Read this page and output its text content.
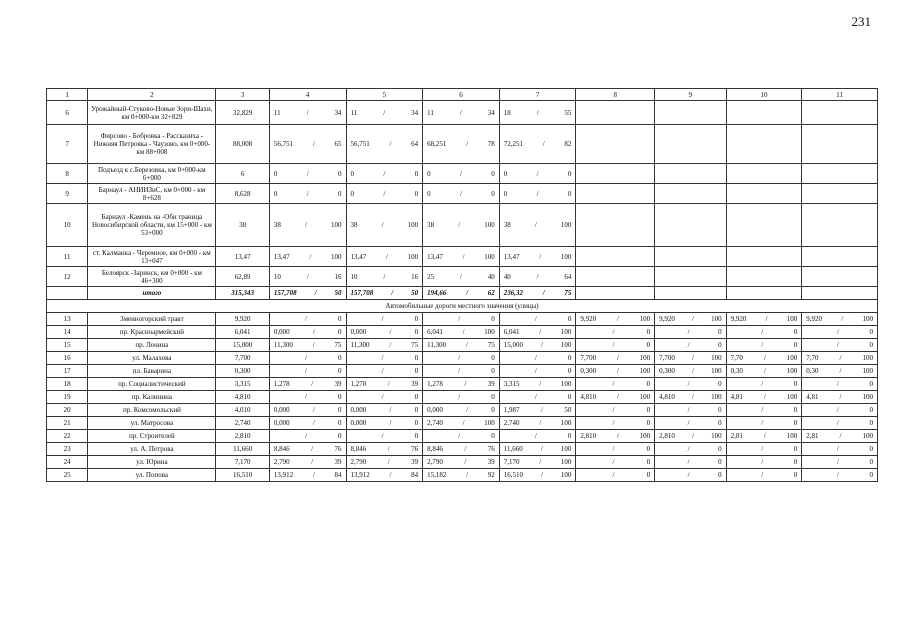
231
1	2	3	4	5	6	7	8	9	10	11
6	Урожайный-Стуково-Новые Зори-Шахи, км 0+000-км 32+829	32,829	11 / 34	11 / 34	11 / 34	18 / 55				

7	Фирсово - Бобровка - Рассказиха - Нижняя Петровка - Чаузово, км 0+000-км 88+008	88,008	56,751 / 65	56,751 / 64	68,251 / 78	72,251 / 82				

8	Подъезд к с.Березовка, км 0+000-км 6+000	6	0 / 0	0 / 0	0 / 0	0 / 0				

9	Барнаул - АНИИЗиС, км 0+000 - км 8+628	8,628	0 / 0	0 / 0	0 / 0	0 / 0				

10	Барнаул -Камень на -Оби граница Новосибирской области, км 15+000 - км 53+000	38	38 / 100	38 / 100	38 / 100	38 / 100				

11	ст. Калманка - Черемное, км 0+000 - км 13+047	13,47	13,47 / 100	13,47 / 100	13,47 / 100	13,47 / 100				

12	Белоярск -Заринск, км 0+000 - км 46+300	62,89	10 / 16	10 / 16	25 / 40	40 / 64				

	итого	315,343	157,708 / 50	157,708 / 50	194,66 / 62	236,32 / 75				

Автомобильные дороги местного значения (улицы)										
13	Змеиногорский тракт	9,920	/ 0	/ 0	/ 0	/ 0	9,920 / 100	9,920 / 100	9,920 / 100	9,920 / 100

14	пр. Красноармейский	6,041	0,000 / 0	0,000 / 0	6,041 / 100	6,041 / 100	/ 0	/ 0	/ 0	/ 0

15	пр. Ленина	15,000	11,300 / 75	11,300 / 75	11,300 / 75	15,000 / 100	/ 0	/ 0	/ 0	/ 0

16	ул. Малахова	7,700	/ 0	/ 0	/ 0	/ 0	7,700 / 100	7,700 / 100	7,70 / 100	7,70 / 100

17	пл. Баварина	0,300	/ 0	/ 0	/ 0	/ 0	0,300 / 100	0,300 / 100	0,30 / 100	0,30 / 100

18	пр. Социалистический	3,315	1,278 / 39	1,278 / 39	1,278 / 39	3,315 / 100	/ 0	/ 0	/ 0	/ 0

19	пр. Калинина	4,810	/ 0	/ 0	/ 0	/ 0	4,810 / 100	4,810 / 100	4,81 / 100	4,81 / 100

20	пр. Комсомольский	4,010	0,000 / 0	0,000 / 0	0,000 / 0	1,987 / 50	/ 0	/ 0	/ 0	/ 0

21	ул. Матросова	2,740	0,000 / 0	0,000 / 0	2,740 / 100	2,740 / 100	/ 0	/ 0	/ 0	/ 0

22	пр. Строителей	2,810	/ 0	/ 0	/ 0	/ 0	2,810 / 100	2,810 / 100	2,81 / 100	2,81 / 100

23	ул. А. Петрова	11,660	8,846 / 76	8,846 / 76	8,846 / 76	11,660 / 100	/ 0	/ 0	/ 0	/ 0

24	ул. Юрина	7,170	2,790 / 39	2,790 / 39	2,790 / 39	7,170 / 100	/ 0	/ 0	/ 0	/ 0

25	ул. Попова	16,510	13,912 / 84	13,912 / 84	15,182 / 92	16,510 / 100	/ 0	/ 0	/ 0	/ 0
